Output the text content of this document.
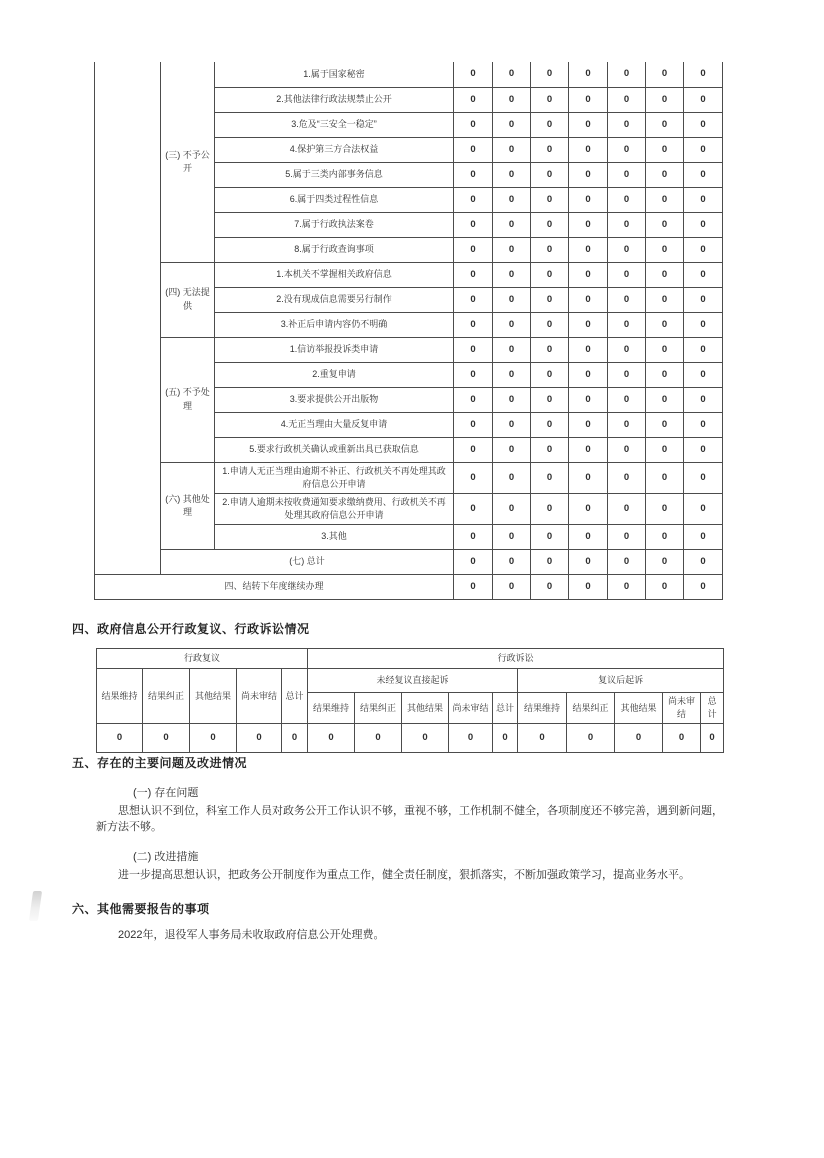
	(三) 不予公开	1.属于国家秘密	0	0	0	0	0	0	0
		2.其他法律行政法规禁止公开	0	0	0	0	0	0	0
		3.危及“三安全一稳定”	0	0	0	0	0	0	0
		4.保护第三方合法权益	0	0	0	0	0	0	0
		5.属于三类内部事务信息	0	0	0	0	0	0	0
		6.属于四类过程性信息	0	0	0	0	0	0	0
		7.属于行政执法案卷	0	0	0	0	0	0	0
		8.属于行政查询事项	0	0	0	0	0	0	0
	(四) 无法提供	1.本机关不掌握相关政府信息	0	0	0	0	0	0	0
		2.没有现成信息需要另行制作	0	0	0	0	0	0	0
		3.补正后申请内容仍不明确	0	0	0	0	0	0	0
	(五) 不予处理	1.信访举报投诉类申请	0	0	0	0	0	0	0
		2.重复申请	0	0	0	0	0	0	0
		3.要求提供公开出版物	0	0	0	0	0	0	0
		4.无正当理由大量反复申请	0	0	0	0	0	0	0
		5.要求行政机关确认或重新出具已获取信息	0	0	0	0	0	0	0
	(六) 其他处理	1.申请人无正当理由逾期不补正、行政机关不再处理其政府信息公开申请	0	0	0	0	0	0	0
		2.申请人逾期未按收费通知要求缴纳费用、行政机关不再处理其政府信息公开申请	0	0	0	0	0	0	0
		3.其他	0	0	0	0	0	0	0
	(七) 总计		0	0	0	0	0	0	0
四、结转下年度继续办理			0	0	0	0	0	0	0
四、政府信息公开行政复议、行政诉讼情况
行政复议					行政诉讼									
结果维持	结果纠正	其他结果	尚未审结	总计	未经复议直接起诉					复议后起诉				
					结果维持	结果纠正	其他结果	尚未审结	总计	结果维持	结果纠正	其他结果	尚未审结	总计
0	0	0	0	0	0	0	0	0	0	0	0	0	0	0
五、存在的主要问题及改进情况
(一) 存在问题
思想认识不到位，科室工作人员对政务公开工作认识不够，重视不够，工作机制不健全，各项制度还不够完善，遇到新问题，新方法不够。
(二) 改进措施
进一步提高思想认识，把政务公开制度作为重点工作，健全责任制度，狠抓落实，不断加强政策学习，提高业务水平。
六、其他需要报告的事项
2022年，退役军人事务局未收取政府信息公开处理费。
